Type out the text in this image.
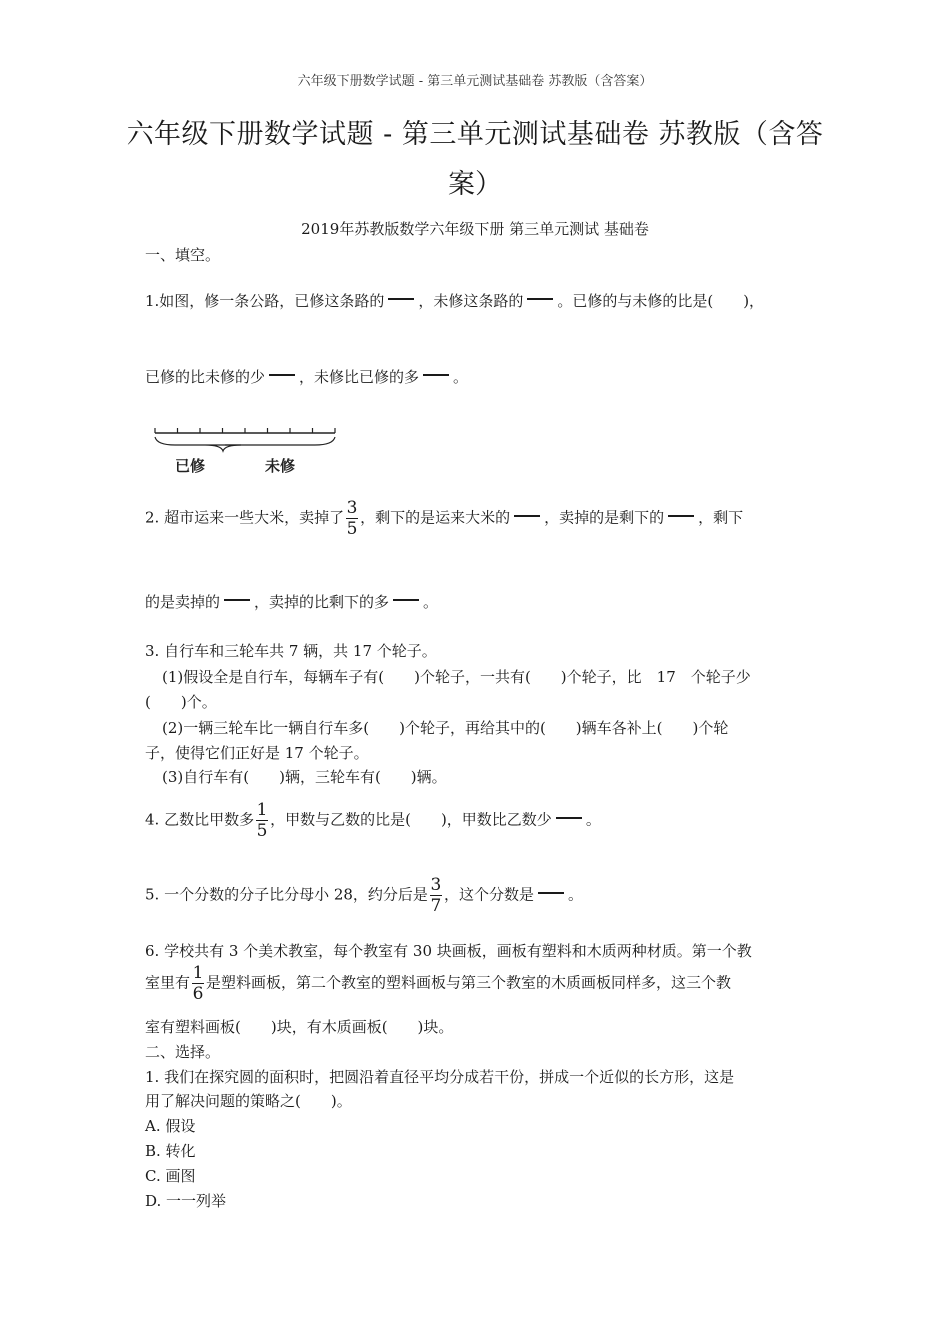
六年级下册数学试题 - 第三单元测试基础卷 苏教版（含答案）
六年级下册数学试题 - 第三单元测试基础卷 苏教版（含答
案）
2019年苏教版数学六年级下册 第三单元测试 基础卷
一、填空。
1.如图，修一条公路，已修这条路的 ，未修这条路的 。已修的与未修的比是(　　)，
已修的比未修的少 ，未修比已修的多 。
已修	未修
2. 超市运来一些大米，卖掉了 $\frac{3}{5}$ ，剩下的是运来大米的 ，卖掉的是剩下的 ，剩下
的是卖掉的 ，卖掉的比剩下的多 。
3. 自行车和三轮车共 7 辆，共 17 个轮子。
(1)假设全是自行车，每辆车子有(　　)个轮子，一共有(　　)个轮子，比　17　个轮子少
(　　)个。
(2)一辆三轮车比一辆自行车多(　　)个轮子，再给其中的(　　)辆车各补上(　　)个轮
子，使得它们正好是 17 个轮子。
(3)自行车有(　　)辆，三轮车有(　　)辆。
4. 乙数比甲数多 $\frac{1}{5}$ ，甲数与乙数的比是(　　)，甲数比乙数少 。
5. 一个分数的分子比分母小 28，约分后是 $\frac{3}{7}$ ，这个分数是 。
6. 学校共有 3 个美术教室，每个教室有 30 块画板，画板有塑料和木质两种材质。第一个教
室里有 $\frac{1}{6}$ 是塑料画板，第二个教室的塑料画板与第三个教室的木质画板同样多，这三个教
室有塑料画板(　　)块，有木质画板(　　)块。
二、选择。
1. 我们在探究圆的面积时，把圆沿着直径平均分成若干份，拼成一个近似的长方形，这是
用了解决问题的策略之(　　)。
A. 假设
B. 转化
C. 画图
D. 一一列举
